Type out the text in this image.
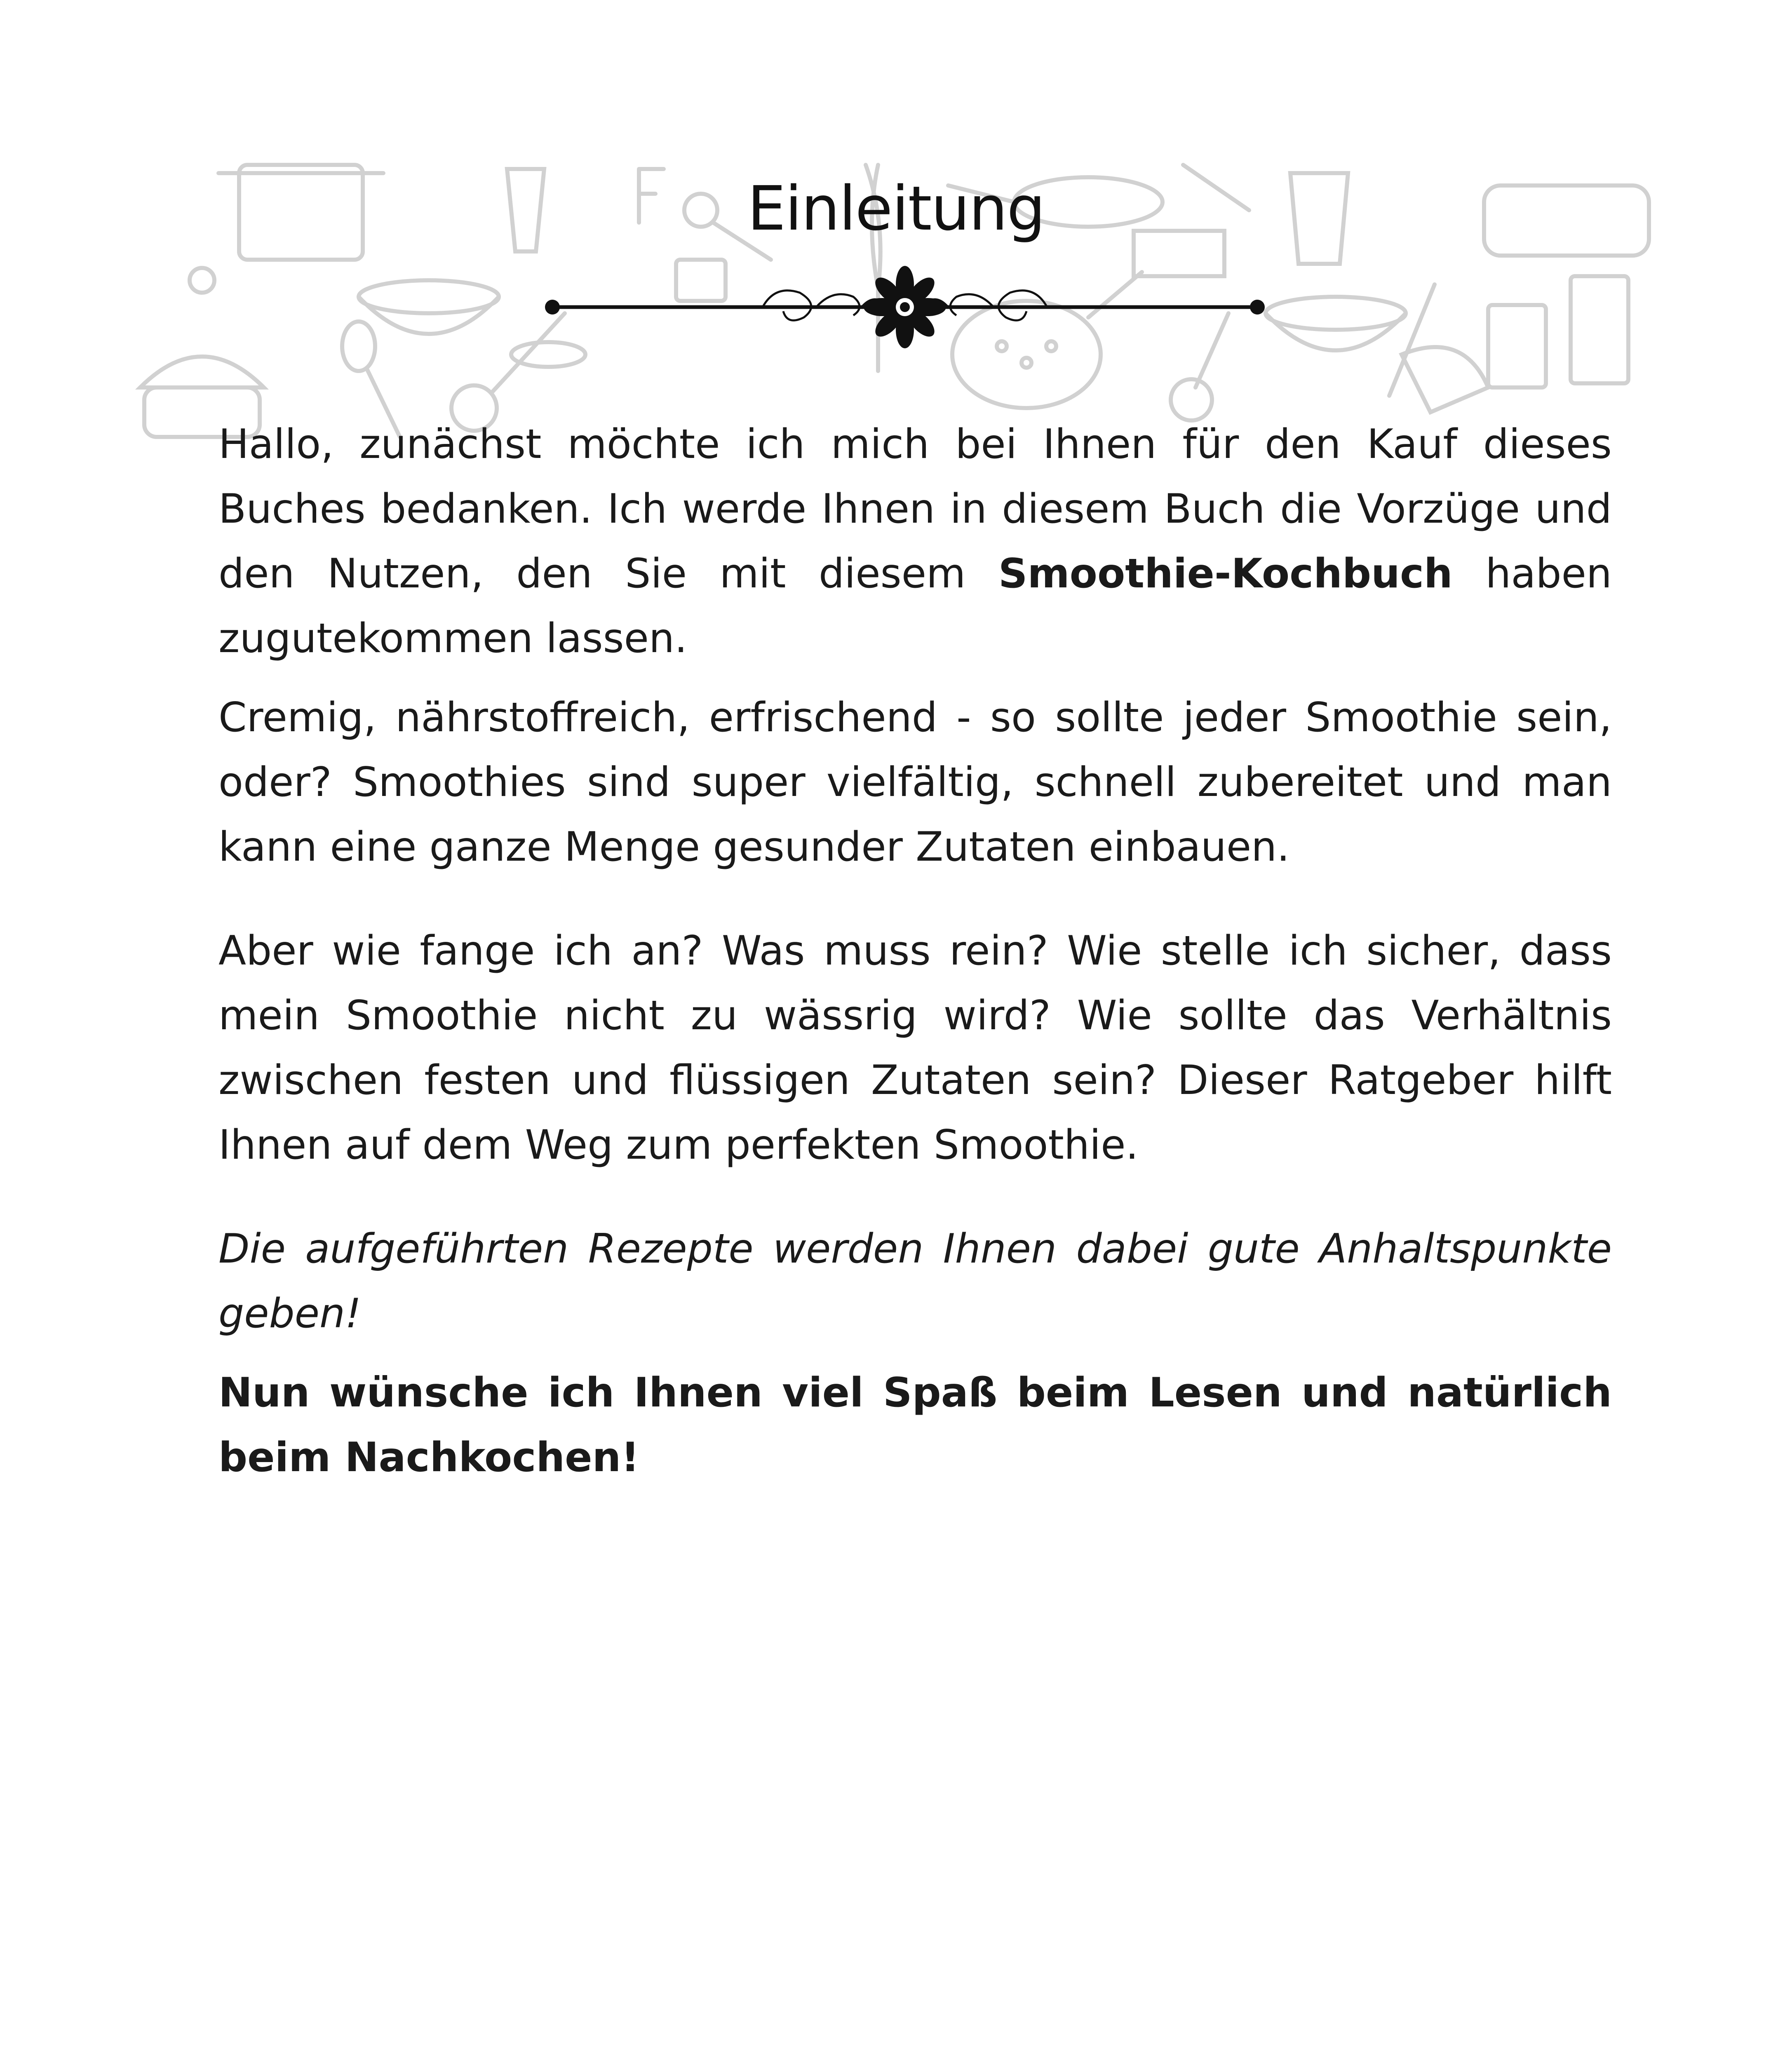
Einleitung

Hallo, zunächst möchte ich mich bei Ihnen für den Kauf dieses Buches bedanken. Ich werde Ihnen in diesem Buch die Vorzüge und den Nutzen, den Sie mit diesem Smoothie-Kochbuch haben zugutekommen lassen.

Cremig, nährstoffreich, erfrischend - so sollte jeder Smoothie sein, oder? Smoothies sind super vielfältig, schnell zubereitet und man kann eine ganze Menge gesunder Zutaten einbauen.

Aber wie fange ich an? Was muss rein? Wie stelle ich sicher, dass mein Smoothie nicht zu wässrig wird? Wie sollte das Verhältnis zwischen festen und flüssigen Zutaten sein? Dieser Ratgeber hilft Ihnen auf dem Weg zum perfekten Smoothie.

Die aufgeführten Rezepte werden Ihnen dabei gute Anhaltspunkte geben!

Nun wünsche ich Ihnen viel Spaß beim Lesen und natürlich beim Nachkochen!
